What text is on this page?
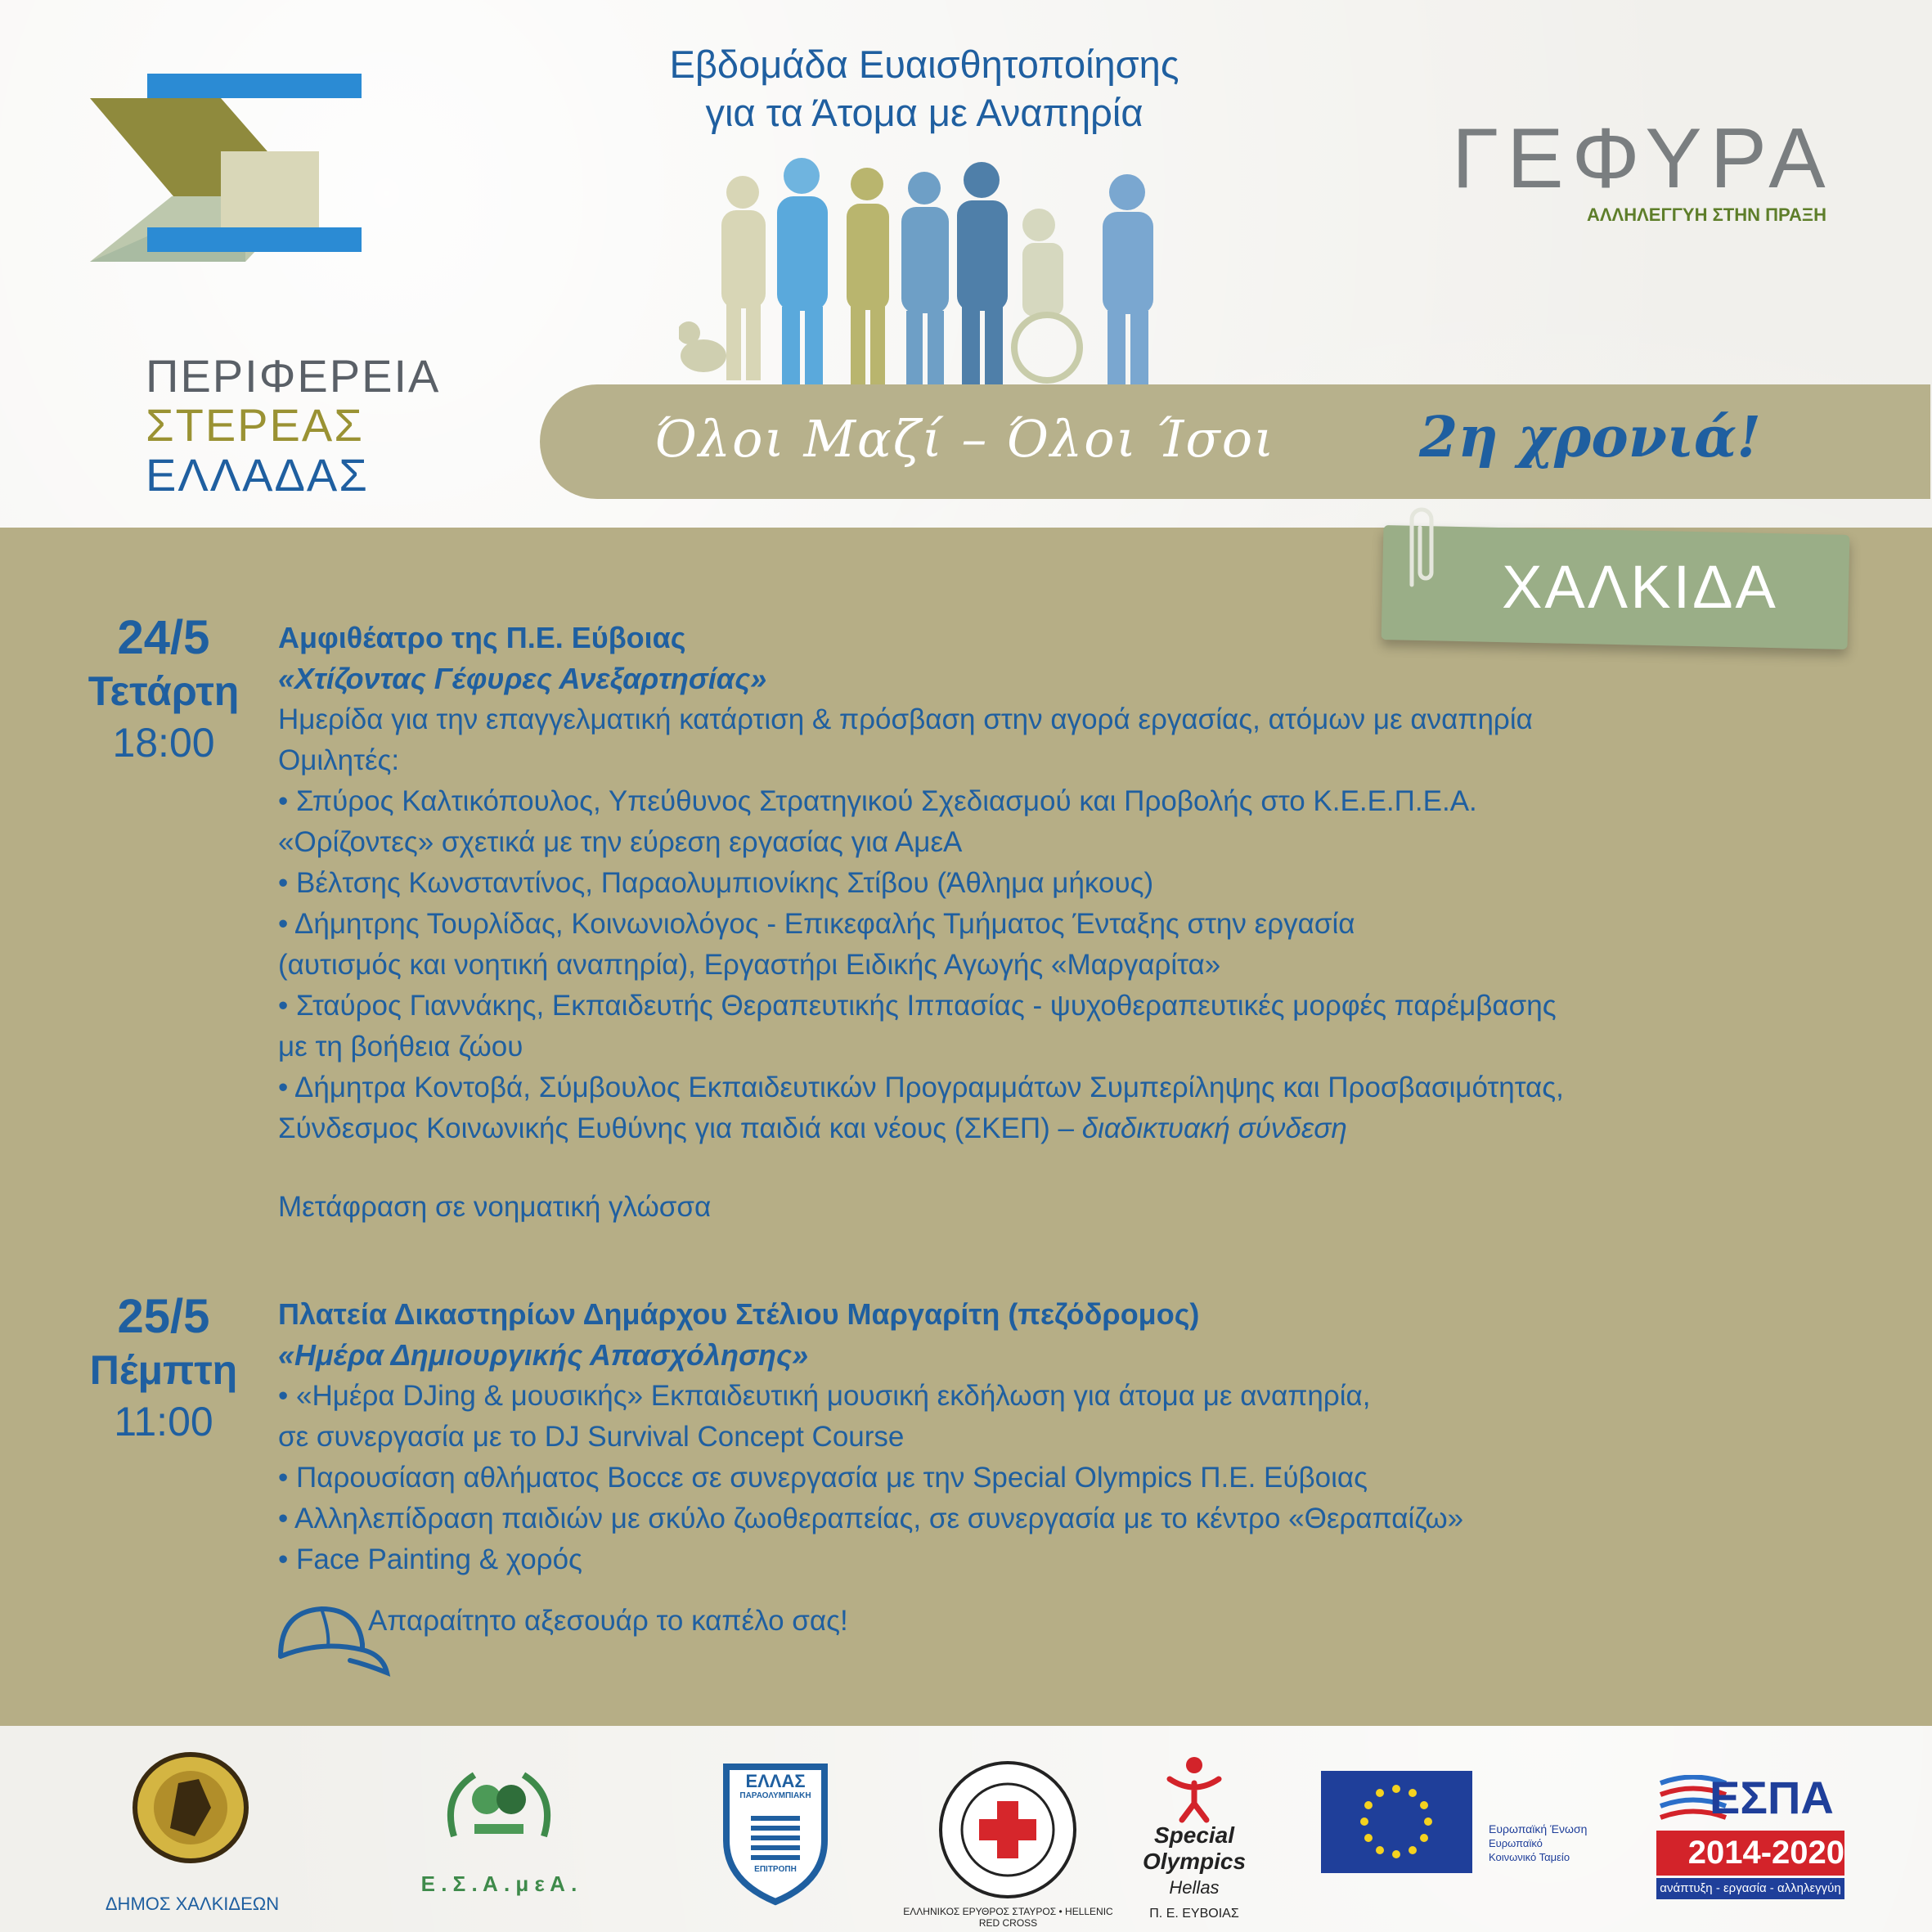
ΠΕΡΙΦΕΡΕΙΑ
ΣΤΕΡΕΑΣ
ΕΛΛΑΔΑΣ
Εβδομάδα Ευαισθητοποίησης
για τα Άτομα με Αναπηρία	ΓΕΦΥΡΑ
ΑΛΛΗΛΕΓΓΥΗ ΣΤΗΝ ΠΡΑΞΗ
Όλοι Μαζί – Όλοι Ίσοι	2η χρονιά!
ΧΑΛΚΙΔΑ
24/5
Τετάρτη
18:00
Αμφιθέατρο της Π.Ε. Εύβοιας
«Χτίζοντας Γέφυρες Ανεξαρτησίας»
Ημερίδα για την επαγγελματική κατάρτιση & πρόσβαση στην αγορά εργασίας, ατόμων με αναπηρία
Ομιλητές:
• Σπύρος Καλτικόπουλος, Υπεύθυνος Στρατηγικού Σχεδιασμού και Προβολής στο Κ.Ε.Ε.Π.Ε.Α.
«Ορίζοντες» σχετικά με την εύρεση εργασίας για ΑμεΑ
• Βέλτσης Κωνσταντίνος, Παραολυμπιονίκης Στίβου (Άθλημα μήκους)
• Δήμητρης Τουρλίδας, Κοινωνιολόγος - Επικεφαλής Τμήματος Ένταξης στην εργασία
(αυτισμός και νοητική αναπηρία), Εργαστήρι Ειδικής Αγωγής «Μαργαρίτα»
• Σταύρος Γιαννάκης, Εκπαιδευτής Θεραπευτικής Ιππασίας - ψυχοθεραπευτικές μορφές παρέμβασης
με τη βοήθεια ζώου
• Δήμητρα Κοντοβά, Σύμβουλος Εκπαιδευτικών Προγραμμάτων Συμπερίληψης και Προσβασιμότητας,
Σύνδεσμος Κοινωνικής Ευθύνης για παιδιά και νέους (ΣΚΕΠ) – διαδικτυακή σύνδεση
Μετάφραση σε νοηματική γλώσσα
25/5
Πέμπτη
11:00
Πλατεία Δικαστηρίων Δημάρχου Στέλιου Μαργαρίτη (πεζόδρομος)
«Ημέρα Δημιουργικής Απασχόλησης»
• «Ημέρα DJing & μουσικής» Εκπαιδευτική μουσική εκδήλωση για άτομα με αναπηρία,
σε συνεργασία με το DJ Survival Concept Course
• Παρουσίαση αθλήματος Boccε σε συνεργασία με την Special Olympics Π.Ε. Εύβοιας
• Αλληλεπίδραση παιδιών με σκύλο ζωοθεραπείας, σε συνεργασία με το κέντρο «Θεραπαίζω»
• Face Painting & χορός
Απαραίτητο αξεσουάρ το καπέλο σας!
ΔΗΜΟΣ ΧΑΛΚΙΔΕΩΝ
Ε . Σ . Α . μ ε Α .
ΕΛΛΑΣ
ΠΑΡΑΟΛΥΜΠΙΑΚΗ
ΕΠΙΤΡΟΠΗ
ΕΛΛΗΝΙΚΟΣ ΕΡΥΘΡΟΣ ΣΤΑΥΡΟΣ • HELLENIC RED CROSS
Special
Olympics
Hellas
Π. Ε. ΕΥΒΟΙΑΣ
Ευρωπαϊκή Ένωση
Ευρωπαϊκό
Κοινωνικό Ταμείο
ΕΣΠΑ
2014-2020
ανάπτυξη - εργασία - αλληλεγγύη
